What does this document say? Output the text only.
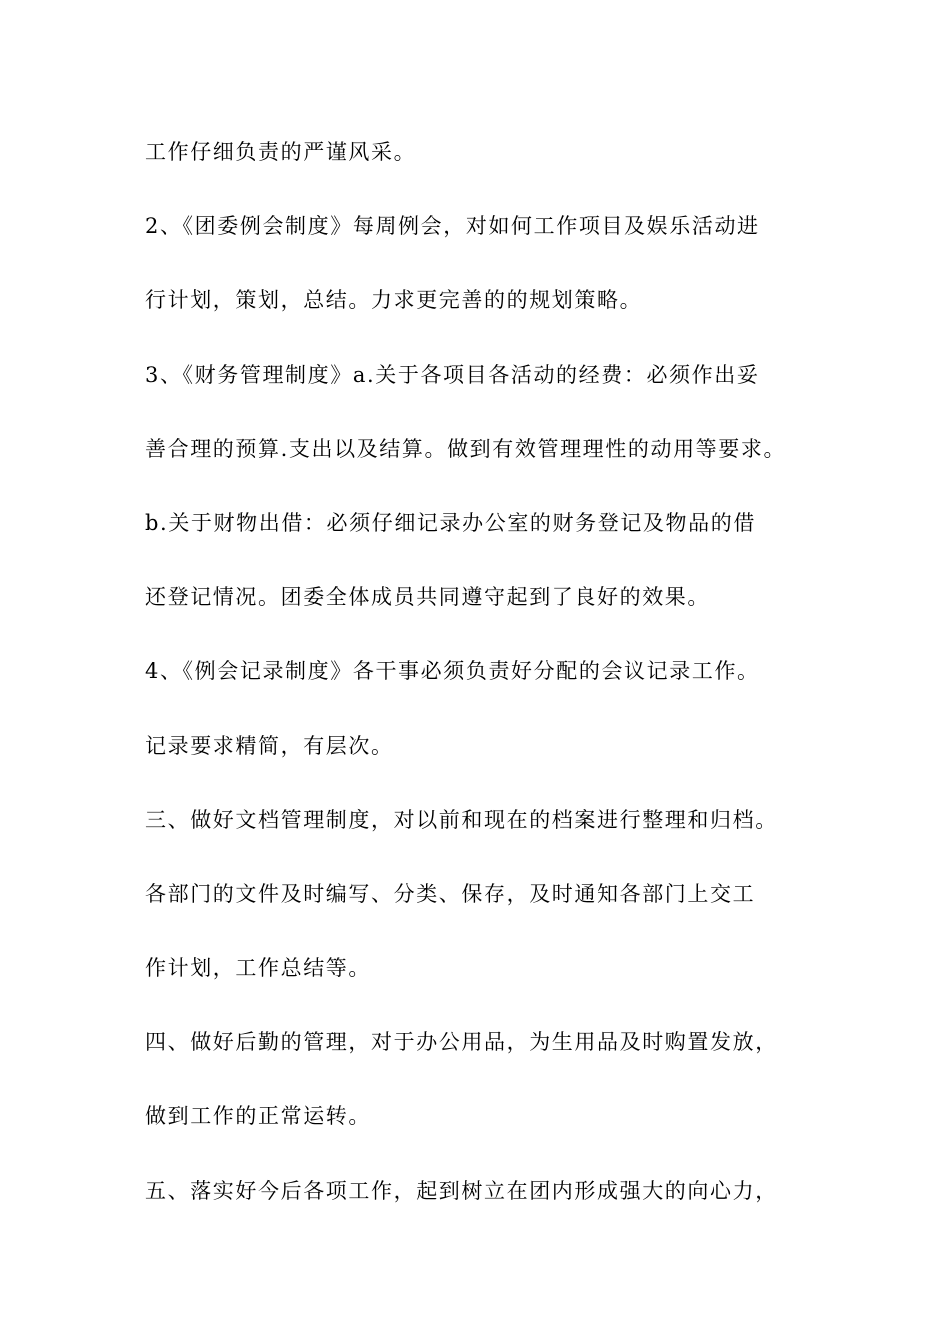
工作仔细负责的严谨风采。
2、《团委例会制度》每周例会，对如何工作项目及娱乐活动进
行计划，策划，总结。力求更完善的的规划策略。
3、《财务管理制度》a.关于各项目各活动的经费：必须作出妥
善合理的预算.支出以及结算。做到有效管理理性的动用等要求。
b.关于财物出借：必须仔细记录办公室的财务登记及物品的借
还登记情况。团委全体成员共同遵守起到了良好的效果。
4、《例会记录制度》各干事必须负责好分配的会议记录工作。
记录要求精简，有层次。
三、做好文档管理制度，对以前和现在的档案进行整理和归档。
各部门的文件及时编写、分类、保存，及时通知各部门上交工
作计划，工作总结等。
四、做好后勤的管理，对于办公用品，为生用品及时购置发放，
做到工作的正常运转。
五、落实好今后各项工作，起到树立在团内形成强大的向心力，
